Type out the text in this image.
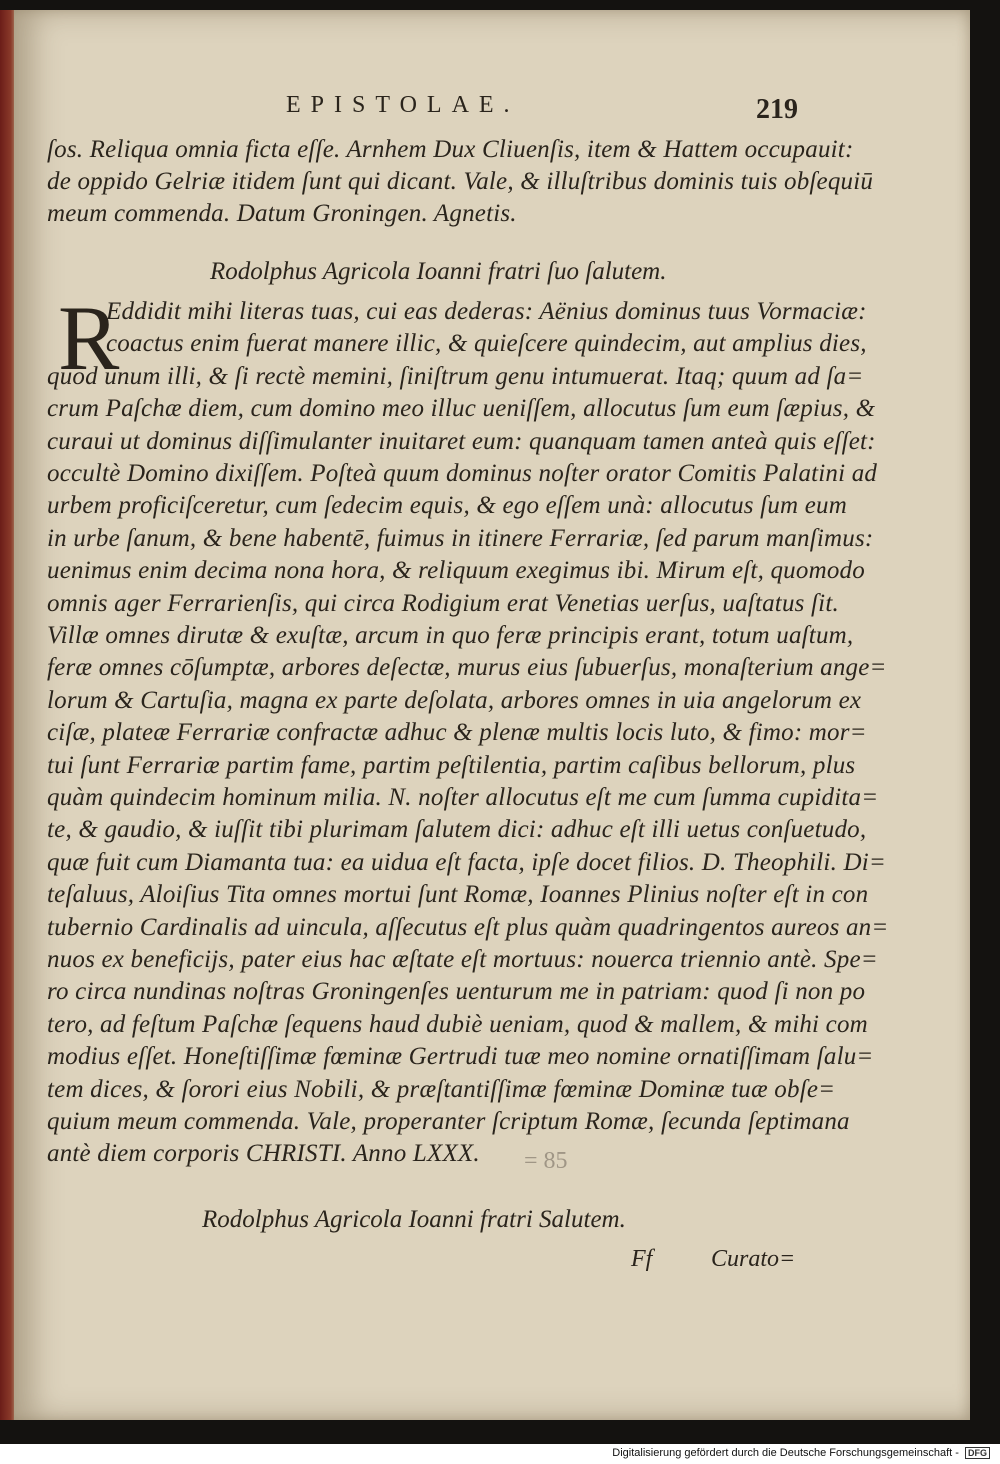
EPISTOLAE.	219
ſos. Reliqua omnia ficta eſſe. Arnhem Dux Cliuenſis, item & Hattem occupauit:
de oppido Gelriæ itidem ſunt qui dicant. Vale, & illuſtribus dominis tuis obſequiū
meum commenda. Datum Groningen. Agnetis.
Rodolphus Agricola Ioanni fratri ſuo ſalutem.
R
Eddidit mihi literas tuas, cui eas dederas: Aënius dominus tuus Vormaciæ:
coactus enim fuerat manere illic, & quieſcere quindecim, aut amplius dies,
quod unum illi, & ſi rectè memini, ſiniſtrum genu intumuerat. Itaq; quum ad ſa=
crum Paſchæ diem, cum domino meo illuc ueniſſem, allocutus ſum eum ſæpius, &
curaui ut dominus diſſimulanter inuitaret eum: quanquam tamen anteà quis eſſet:
occultè Domino dixiſſem. Poſteà quum dominus noſter orator Comitis Palatini ad
urbem proficiſceretur, cum ſedecim equis, & ego eſſem unà: allocutus ſum eum
in urbe ſanum, & bene habentē, fuimus in itinere Ferrariæ, ſed parum manſimus:
uenimus enim decima nona hora, & reliquum exegimus ibi. Mirum eſt, quomodo
omnis ager Ferrarienſis, qui circa Rodigium erat Venetias uerſus, uaſtatus ſit.
Villæ omnes dirutæ & exuſtæ, arcum in quo feræ principis erant, totum uaſtum,
feræ omnes cōſumptæ, arbores deſectæ, murus eius ſubuerſus, monaſterium ange=
lorum & Cartuſia, magna ex parte deſolata, arbores omnes in uia angelorum ex
ciſæ, plateæ Ferrariæ confractæ adhuc & plenæ multis locis luto, & fimo: mor=
tui ſunt Ferrariæ partim fame, partim peſtilentia, partim caſibus bellorum, plus
quàm quindecim hominum milia. N. noſter allocutus eſt me cum ſumma cupidita=
te, & gaudio, & iuſſit tibi plurimam ſalutem dici: adhuc eſt illi uetus conſuetudo,
quæ fuit cum Diamanta tua: ea uidua eſt facta, ipſe docet filios. D. Theophili. Di=
teſaluus, Aloiſius Tita omnes mortui ſunt Romæ, Ioannes Plinius noſter eſt in con
tubernio Cardinalis ad uincula, aſſecutus eſt plus quàm quadringentos aureos an=
nuos ex beneficijs, pater eius hac æſtate eſt mortuus: nouerca triennio antè. Spe=
ro circa nundinas noſtras Groningenſes uenturum me in patriam: quod ſi non po
tero, ad feſtum Paſchæ ſequens haud dubiè ueniam, quod & mallem, & mihi com
modius eſſet. Honeſtiſſimæ fœminæ Gertrudi tuæ meo nomine ornatiſſimam ſalu=
tem dices, & ſorori eius Nobili, & præſtantiſſimæ fœminæ Dominæ tuæ obſe=
quium meum commenda. Vale, properanter ſcriptum Romæ, ſecunda ſeptimana
antè diem corporis CHRISTI. Anno LXXX. = 85
Rodolphus Agricola Ioanni fratri Salutem.
Ff Curato=
Digitalisierung gefördert durch die Deutsche Forschungsgemeinschaft - DFG
